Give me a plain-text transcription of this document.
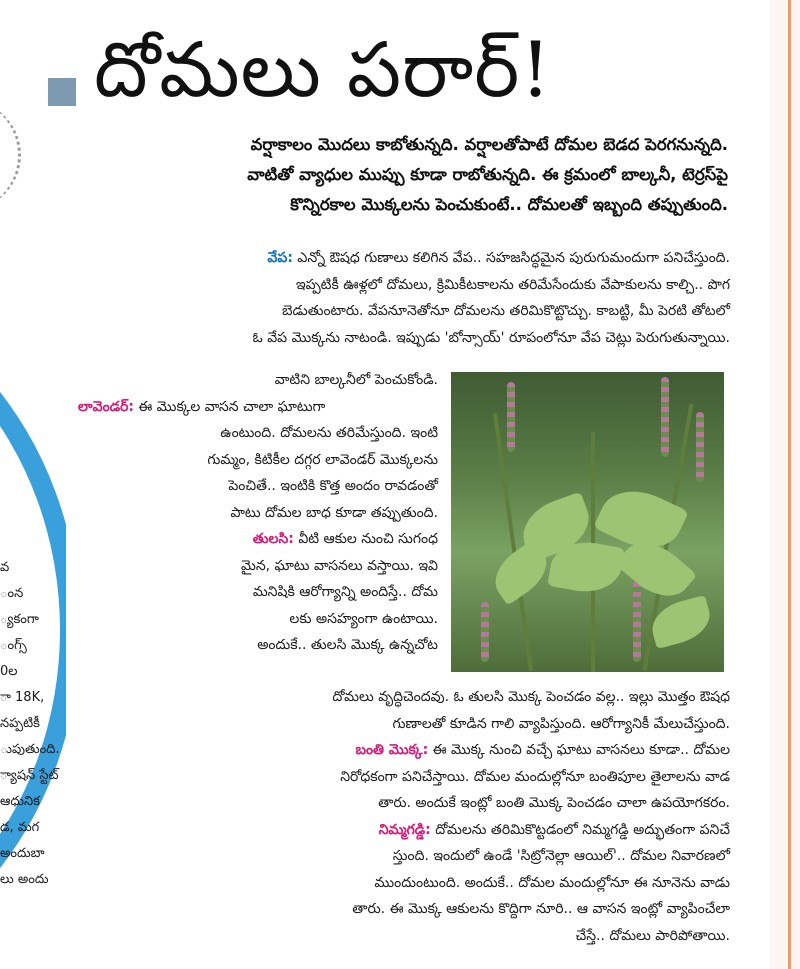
వ
ంన
్యకంగా
ంగ్స్
0ల
ా 18K,
నప్పటికీ
ుపుతుంది.
్యాషన్ స్టేట్
ఆధునిక
డ, మగ
అందుబా
లు అందు
దోమలు పరార్!
వర్షాకాలం మొదలు కాబోతున్నది. వర్షాలతోపాటే దోమల బెడద పెరగనున్నది.
వాటితో వ్యాధుల ముప్పు కూడా రాబోతున్నది. ఈ క్రమంలో బాల్కనీ, టెర్రస్‌పై
కొన్నిరకాల మొక్కలను పెంచుకుంటే.. దోమలతో ఇబ్బంది తప్పుతుంది.
వేప: ఎన్నో ఔషధ గుణాలు కలిగిన వేప.. సహజసిద్ధమైన పురుగుమందుగా పనిచేస్తుంది.
ఇప్పటికీ ఊళ్లలో దోమలు, క్రిమికీటకాలను తరిమేసేందుకు వేపాకులను కాల్చి.. పొగ
బెడుతుంటారు. వేపనూనెతోనూ దోమలను తరిమికొట్టొచ్చు. కాబట్టి, మీ పెరటి తోటలో
ఓ వేప మొక్కను నాటండి. ఇప్పుడు 'బోన్సాయ్' రూపంలోనూ వేప చెట్లు పెరుగుతున్నాయి.
వాటిని బాల్కనీలో పెంచుకోండి.
లావెండర్: ఈ మొక్కల వాసన చాలా ఘాటుగా
ఉంటుంది. దోమలను తరిమేస్తుంది. ఇంటి
గుమ్మం, కిటికీల దగ్గర లావెండర్ మొక్కలను
పెంచితే.. ఇంటికి కొత్త అందం రావడంతో
పాటు దోమల బాధ కూడా తప్పుతుంది.
తులసి: వీటి ఆకుల నుంచి సుగంధ
మైన, ఘాటు వాసనలు వస్తాయి. ఇవి
మనిషికి ఆరోగ్యాన్ని అందిస్తే.. దోమ
లకు అసహ్యంగా ఉంటాయి.
అందుకే.. తులసి మొక్క ఉన్నచోట
దోమలు వృద్ధిచెందవు. ఓ తులసి మొక్క పెంచడం వల్ల.. ఇల్లు మొత్తం ఔషధ
గుణాలతో కూడిన గాలి వ్యాపిస్తుంది. ఆరోగ్యానికీ మేలుచేస్తుంది.
బంతి మొక్క: ఈ మొక్క నుంచి వచ్చే ఘాటు వాసనలు కూడా.. దోమల
నిరోధకంగా పనిచేస్తాయి. దోమల మందుల్లోనూ బంతిపూల తైలాలను వాడ
తారు. అందుకే ఇంట్లో బంతి మొక్క పెంచడం చాలా ఉపయోగకరం.
నిమ్మగడ్డి: దోమలను తరిమికొట్టడంలో నిమ్మగడ్డి అద్భుతంగా పనిచే
స్తుంది. ఇందులో ఉండే 'సిట్రోనెల్లా ఆయిల్'.. దోమల నివారణలో
ముందుంటుంది. అందుకే.. దోమల మందుల్లోనూ ఈ నూనెను వాడు
తారు. ఈ మొక్క ఆకులను కొద్దిగా నూరి.. ఆ వాసన ఇంట్లో వ్యాపించేలా
చేస్తే.. దోమలు పారిపోతాయి.
